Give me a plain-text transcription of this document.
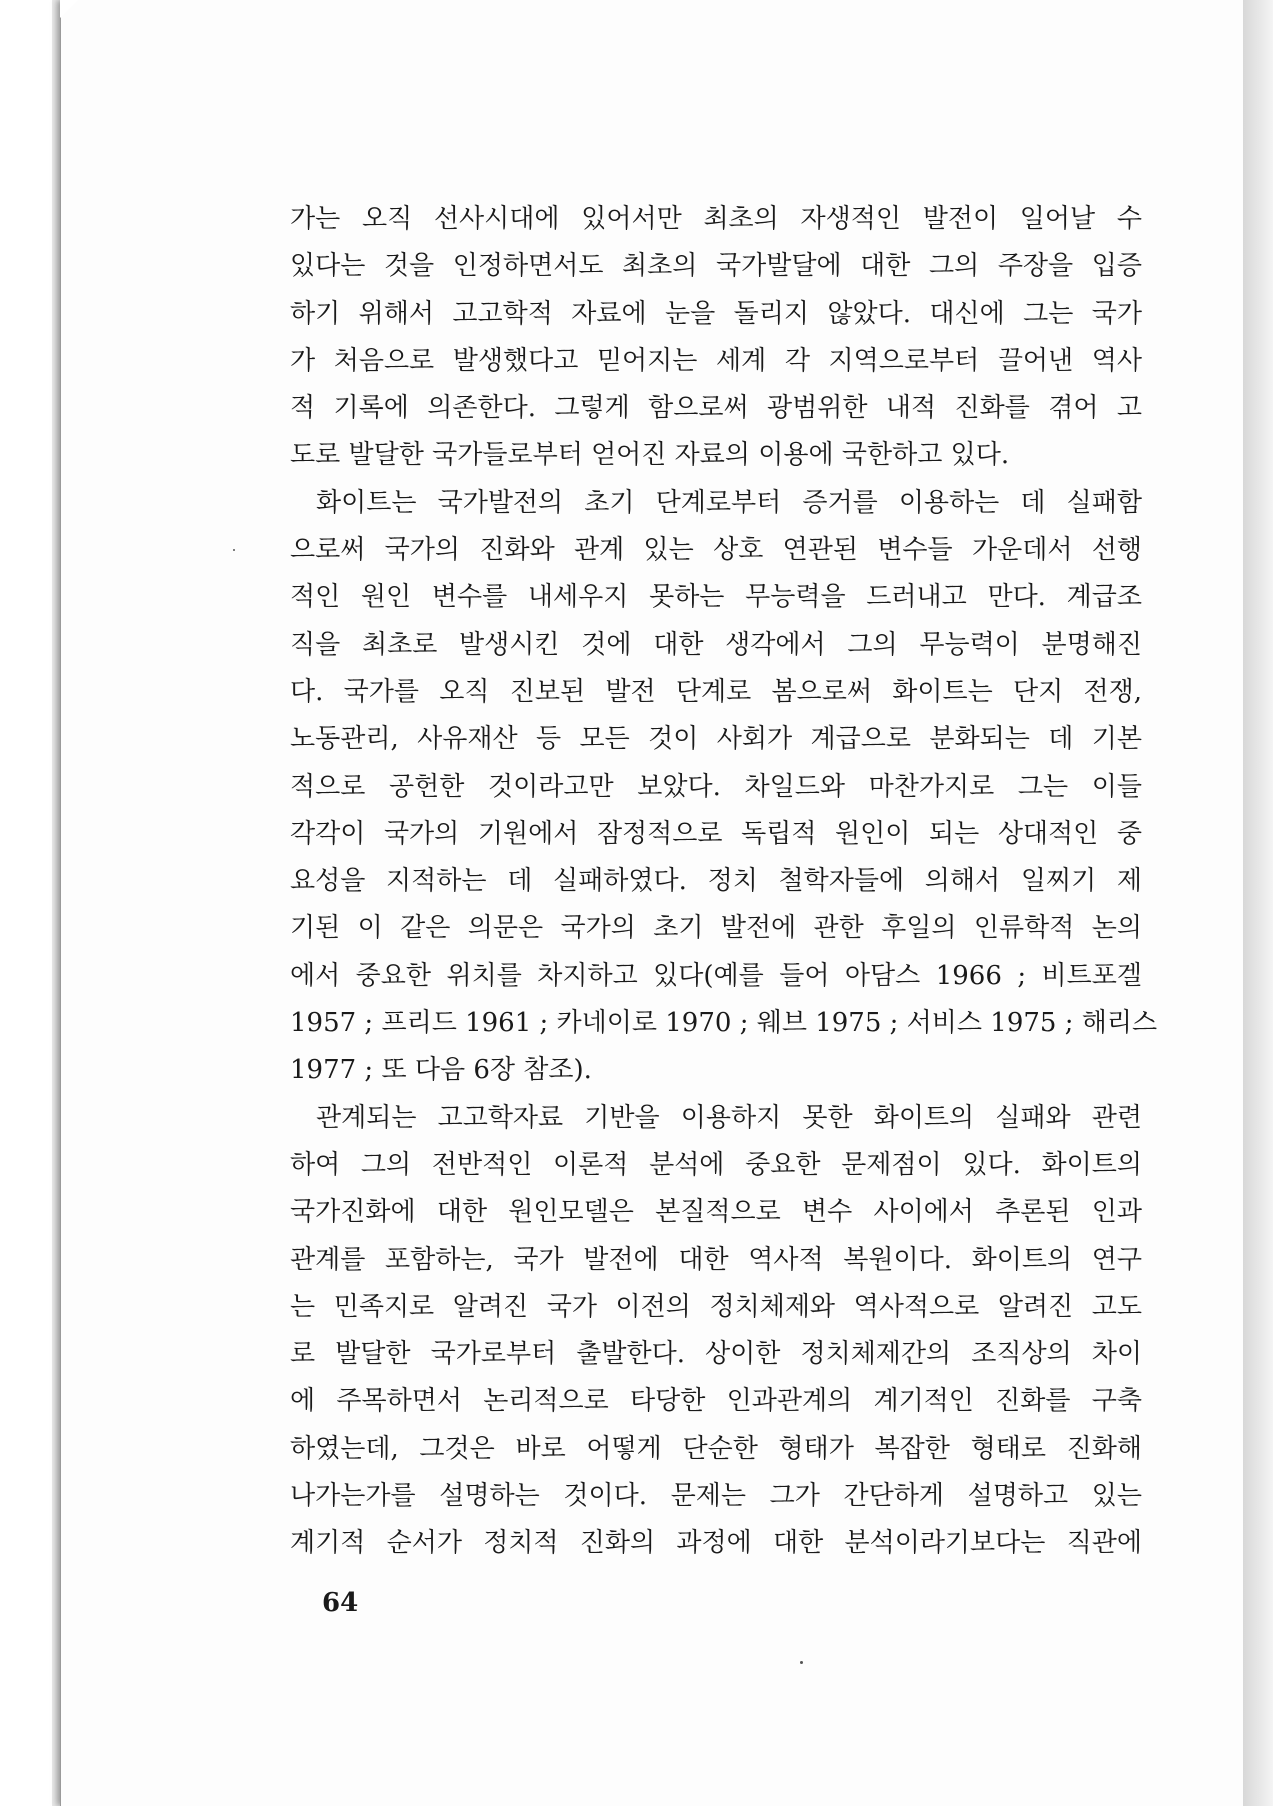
가는 오직 선사시대에 있어서만 최초의 자생적인 발전이 일어날 수
있다는 것을 인정하면서도 최초의 국가발달에 대한 그의 주장을 입증
하기 위해서 고고학적 자료에 눈을 돌리지 않았다. 대신에 그는 국가
가 처음으로 발생했다고 믿어지는 세계 각 지역으로부터 끌어낸 역사
적 기록에 의존한다. 그렇게 함으로써 광범위한 내적 진화를 겪어 고
도로 발달한 국가들로부터 얻어진 자료의 이용에 국한하고 있다.
화이트는 국가발전의 초기 단계로부터 증거를 이용하는 데 실패함
으로써 국가의 진화와 관계 있는 상호 연관된 변수들 가운데서 선행
적인 원인 변수를 내세우지 못하는 무능력을 드러내고 만다. 계급조
직을 최초로 발생시킨 것에 대한 생각에서 그의 무능력이 분명해진
다. 국가를 오직 진보된 발전 단계로 봄으로써 화이트는 단지 전쟁,
노동관리, 사유재산 등 모든 것이 사회가 계급으로 분화되는 데 기본
적으로 공헌한 것이라고만 보았다. 차일드와 마찬가지로 그는 이들
각각이 국가의 기원에서 잠정적으로 독립적 원인이 되는 상대적인 중
요성을 지적하는 데 실패하였다. 정치 철학자들에 의해서 일찌기 제
기된 이 같은 의문은 국가의 초기 발전에 관한 후일의 인류학적 논의
에서 중요한 위치를 차지하고 있다(예를 들어 아담스 1966 ; 비트포겔
1957 ; 프리드 1961 ; 카네이로 1970 ; 웨브 1975 ; 서비스 1975 ; 해리스
1977 ; 또 다음 6장 참조).
관계되는 고고학자료 기반을 이용하지 못한 화이트의 실패와 관련
하여 그의 전반적인 이론적 분석에 중요한 문제점이 있다. 화이트의
국가진화에 대한 원인모델은 본질적으로 변수 사이에서 추론된 인과
관계를 포함하는, 국가 발전에 대한 역사적 복원이다. 화이트의 연구
는 민족지로 알려진 국가 이전의 정치체제와 역사적으로 알려진 고도
로 발달한 국가로부터 출발한다. 상이한 정치체제간의 조직상의 차이
에 주목하면서 논리적으로 타당한 인과관계의 계기적인 진화를 구축
하였는데, 그것은 바로 어떻게 단순한 형태가 복잡한 형태로 진화해
나가는가를 설명하는 것이다. 문제는 그가 간단하게 설명하고 있는
계기적 순서가 정치적 진화의 과정에 대한 분석이라기보다는 직관에
64
